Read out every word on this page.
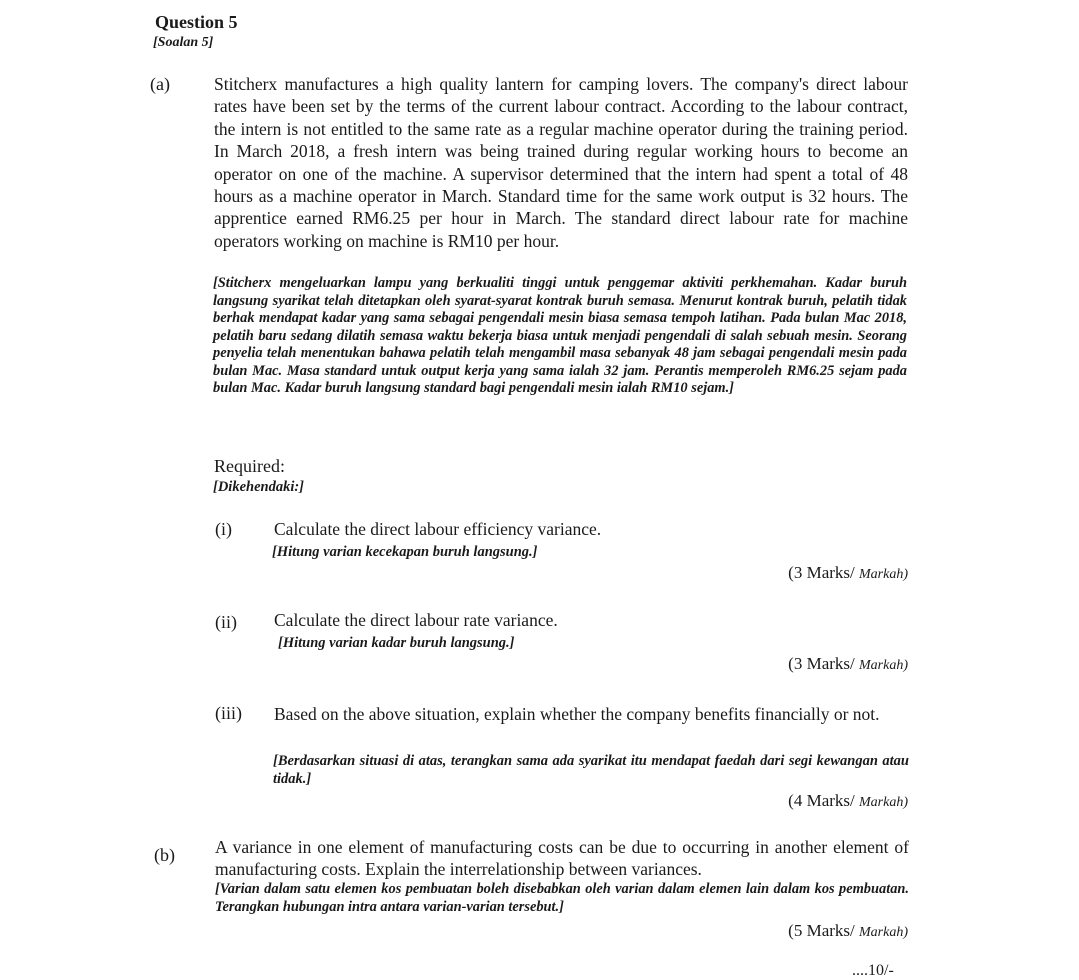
Question 5
[Soalan 5]
(a)	Stitcherx manufactures a high quality lantern for camping lovers. The company's direct labour rates have been set by the terms of the current labour contract. According to the labour contract, the intern is not entitled to the same rate as a regular machine operator during the training period. In March 2018, a fresh intern was being trained during regular working hours to become an operator on one of the machine. A supervisor determined that the intern had spent a total of 48 hours as a machine operator in March. Standard time for the same work output is 32 hours. The apprentice earned RM6.25 per hour in March. The standard direct labour rate for machine operators working on machine is RM10 per hour.
[Stitcherx mengeluarkan lampu yang berkualiti tinggi untuk penggemar aktiviti perkhemahan. Kadar buruh langsung syarikat telah ditetapkan oleh syarat-syarat kontrak buruh semasa. Menurut kontrak buruh, pelatih tidak berhak mendapat kadar yang sama sebagai pengendali mesin biasa semasa tempoh latihan. Pada bulan Mac 2018, pelatih baru sedang dilatih semasa waktu bekerja biasa untuk menjadi pengendali di salah sebuah mesin. Seorang penyelia telah menentukan bahawa pelatih telah mengambil masa sebanyak 48 jam sebagai pengendali mesin pada bulan Mac. Masa standard untuk output kerja yang sama ialah 32 jam. Perantis memperoleh RM6.25 sejam pada bulan Mac. Kadar buruh langsung standard bagi pengendali mesin ialah RM10 sejam.]
Required:
[Dikehendaki:]
(i) Calculate the direct labour efficiency variance.
[Hitung varian kecekapan buruh langsung.]
(3 Marks/ Markah)
(ii) Calculate the direct labour rate variance.
[Hitung varian kadar buruh langsung.]
(3 Marks/ Markah)
(iii) Based on the above situation, explain whether the company benefits financially or not.
[Berdasarkan situasi di atas, terangkan sama ada syarikat itu mendapat faedah dari segi kewangan atau tidak.]
(4 Marks/ Markah)
(b) A variance in one element of manufacturing costs can be due to occurring in another element of manufacturing costs. Explain the interrelationship between variances.
[Varian dalam satu elemen kos pembuatan boleh disebabkan oleh varian dalam elemen lain dalam kos pembuatan. Terangkan hubungan intra antara varian-varian tersebut.]
(5 Marks/ Markah)
....10/-
